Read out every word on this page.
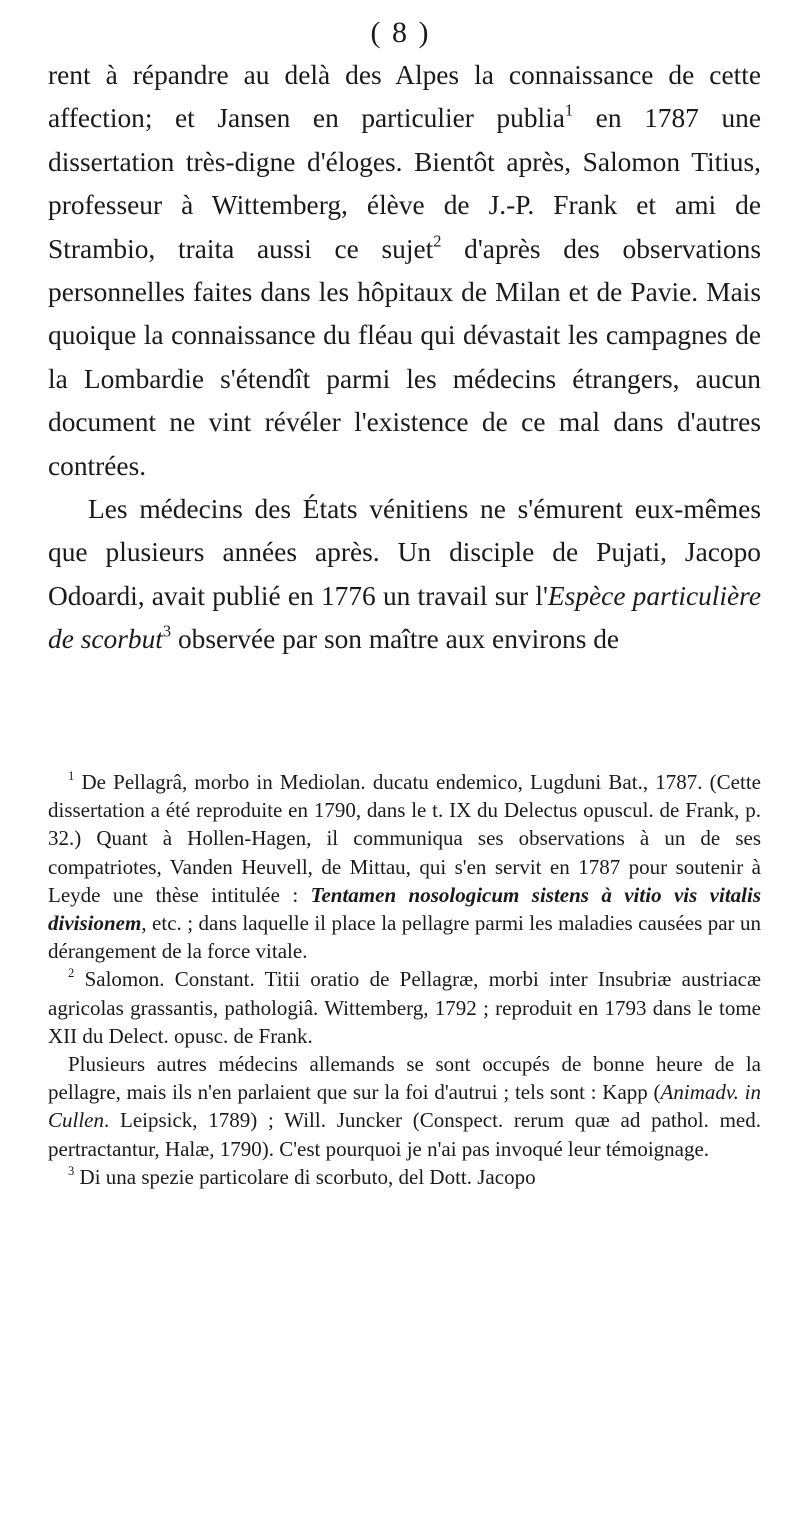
( 8 )

rent à répandre au delà des Alpes la connaissance de cette affection; et Jansen en particulier publia$^1$ en 1787 une dissertation très-digne d'éloges. Bientôt après, Salomon Titius, professeur à Wittemberg, élève de J.-P. Frank et ami de Strambio, traita aussi ce sujet$^2$ d'après des observations personnelles faites dans les hôpitaux de Milan et de Pavie. Mais quoique la connaissance du fléau qui dévastait les campagnes de la Lombardie s'étendît parmi les médecins étrangers, aucun document ne vint révéler l'existence de ce mal dans d'autres contrées.

Les médecins des États vénitiens ne s'émurent eux-mêmes que plusieurs années après. Un disciple de Pujati, Jacopo Odoardi, avait publié en 1776 un travail sur l'Espèce particulière de scorbut$^3$ observée par son maître aux environs de

$^1$ De Pellagrâ, morbo in Mediolan. ducatu endemico, Lugduni Bat., 1787. (Cette dissertation a été reproduite en 1790, dans le t. IX du Delectus opuscul. de Frank, p. 32.) Quant à Hollen-Hagen, il communiqua ses observations à un de ses compatriotes, Vanden Heuvell, de Mittau, qui s'en servit en 1787 pour soutenir à Leyde une thèse intitulée : Tentamen nosologicum sistens à vitio vis vitalis divisionem, etc. ; dans laquelle il place la pellagre parmi les maladies causées par un dérangement de la force vitale.

$^2$ Salomon. Constant. Titii oratio de Pellagræ, morbi inter Insubriæ austriacæ agricolas grassantis, pathologiâ. Wittemberg, 1792 ; reproduit en 1793 dans le tome XII du Delect. opusc. de Frank.

Plusieurs autres médecins allemands se sont occupés de bonne heure de la pellagre, mais ils n'en parlaient que sur la foi d'autrui ; tels sont : Kapp (Animadv. in Cullen. Leipsick, 1789) ; Will. Juncker (Conspect. rerum quæ ad pathol. med. pertractantur, Halæ, 1790). C'est pourquoi je n'ai pas invoqué leur témoignage.

$^3$ Di una spezie particolare di scorbuto, del Dott. Jacopo
